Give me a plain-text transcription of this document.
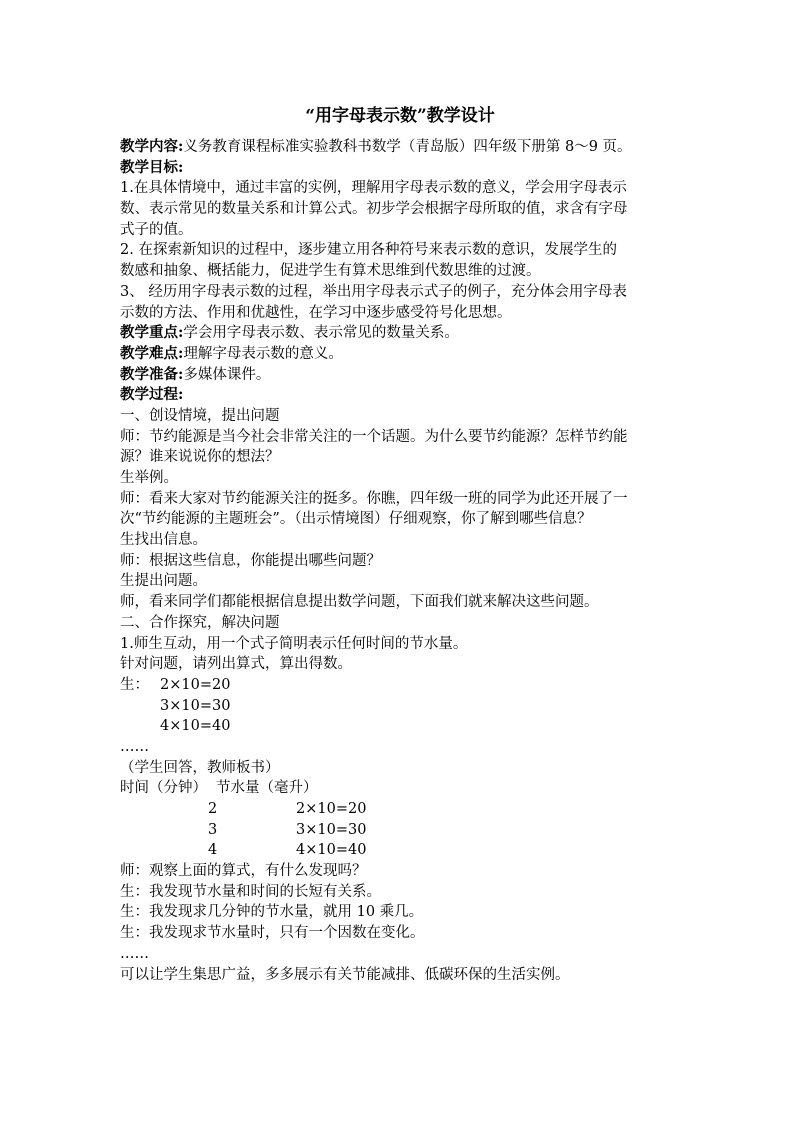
“用字母表示数”教学设计
教学内容:义务教育课程标准实验教科书数学（青岛版）四年级下册第 8～9 页。
教学目标:
1.在具体情境中，通过丰富的实例，理解用字母表示数的意义，学会用字母表示
数、表示常见的数量关系和计算公式。初步学会根据字母所取的值，求含有字母
式子的值。
2. 在探索新知识的过程中，逐步建立用各种符号来表示数的意识，发展学生的
数感和抽象、概括能力，促进学生有算术思维到代数思维的过渡。
3、 经历用字母表示数的过程，举出用字母表示式子的例子，充分体会用字母表
示数的方法、作用和优越性，在学习中逐步感受符号化思想。
教学重点:学会用字母表示数、表示常见的数量关系。
教学难点:理解字母表示数的意义。
教学准备:多媒体课件。
教学过程:
一、创设情境，提出问题
师：节约能源是当今社会非常关注的一个话题。为什么要节约能源？怎样节约能
源？谁来说说你的想法？
生举例。
师：看来大家对节约能源关注的挺多。你瞧，四年级一班的同学为此还开展了一
次“节约能源的主题班会”。（出示情境图）仔细观察，你了解到哪些信息？
生找出信息。
师：根据这些信息，你能提出哪些问题？
生提出问题。
师，看来同学们都能根据信息提出数学问题，下面我们就来解决这些问题。
二、合作探究，解决问题
1.师生互动，用一个式子简明表示任何时间的节水量。
针对问题，请列出算式，算出得数。
生： 2×10=20
3×10=30
4×10=40
……
（学生回答，教师板书）
时间（分钟） 节水量（毫升）
2	2×10=20
3	3×10=30
4	4×10=40
师：观察上面的算式，有什么发现吗？
生：我发现节水量和时间的长短有关系。
生：我发现求几分钟的节水量，就用 10 乘几。
生：我发现求节水量时，只有一个因数在变化。
……
可以让学生集思广益，多多展示有关节能减排、低碳环保的生活实例。
